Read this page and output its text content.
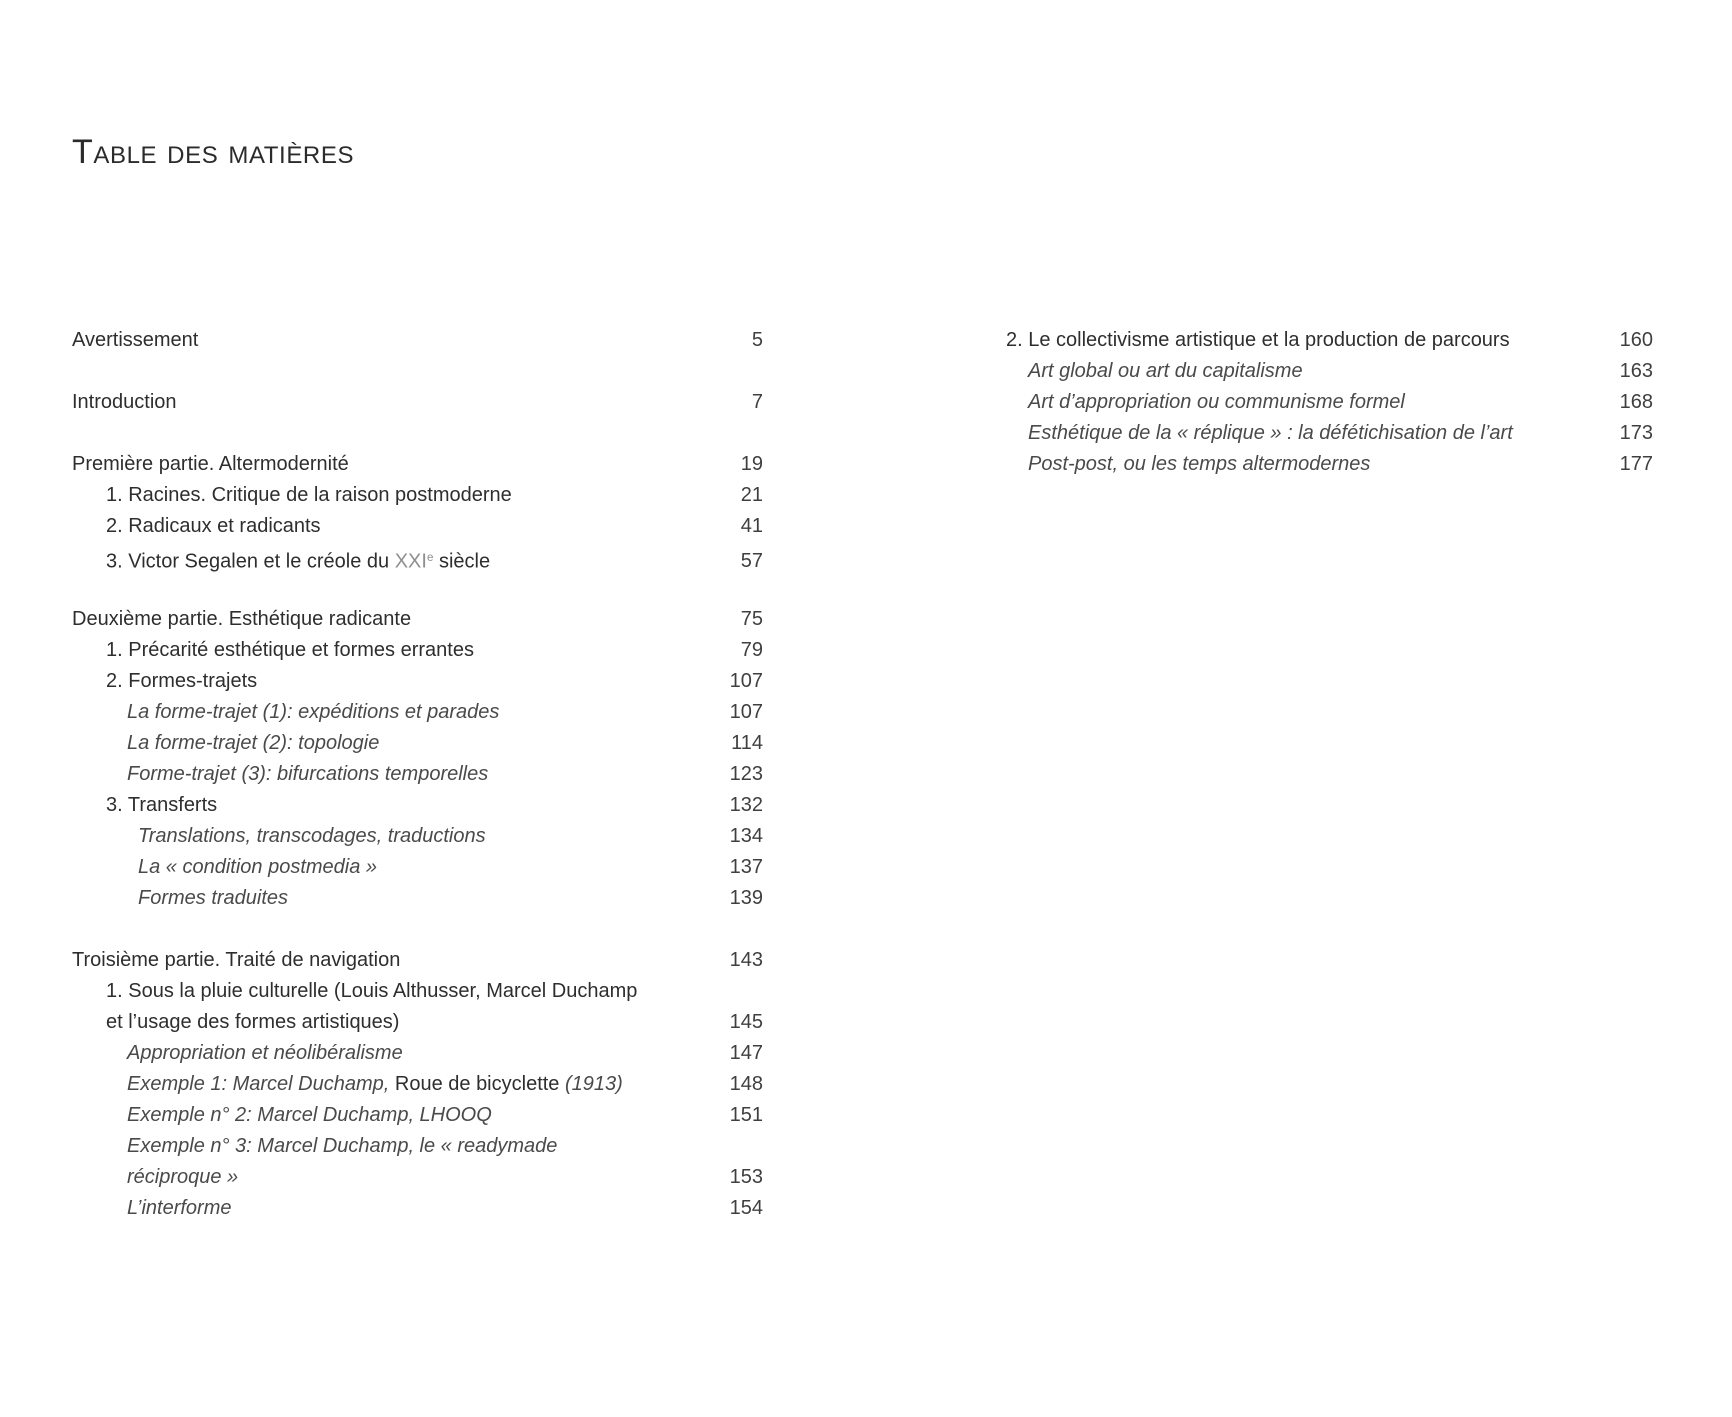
Table des matières
Avertissement	5
Introduction	7
Première partie. Altermodernité	19
1. Racines. Critique de la raison postmoderne	21
2. Radicaux et radicants	41
3. Victor Segalen et le créole du XXIe siècle	57
Deuxième partie. Esthétique radicante	75
1. Précarité esthétique et formes errantes	79
2. Formes-trajets	107
La forme-trajet (1): expéditions et parades	107
La forme-trajet (2): topologie	114
Forme-trajet (3): bifurcations temporelles	123
3. Transferts	132
Translations, transcodages, traductions	134
La « condition postmedia »	137
Formes traduites	139
Troisième partie. Traité de navigation	143
1. Sous la pluie culturelle (Louis Althusser, Marcel Duchamp
et l’usage des formes artistiques)	145
Appropriation et néolibéralisme	147
Exemple 1: Marcel Duchamp, Roue de bicyclette (1913)	148
Exemple n° 2: Marcel Duchamp, LHOOQ	151
Exemple n° 3: Marcel Duchamp, le « readymade
réciproque »	153
L’interforme	154
2. Le collectivisme artistique et la production de parcours	160
Art global ou art du capitalisme	163
Art d’appropriation ou communisme formel	168
Esthétique de la « réplique » : la défétichisation de l’art	173
Post-post, ou les temps altermodernes	177
